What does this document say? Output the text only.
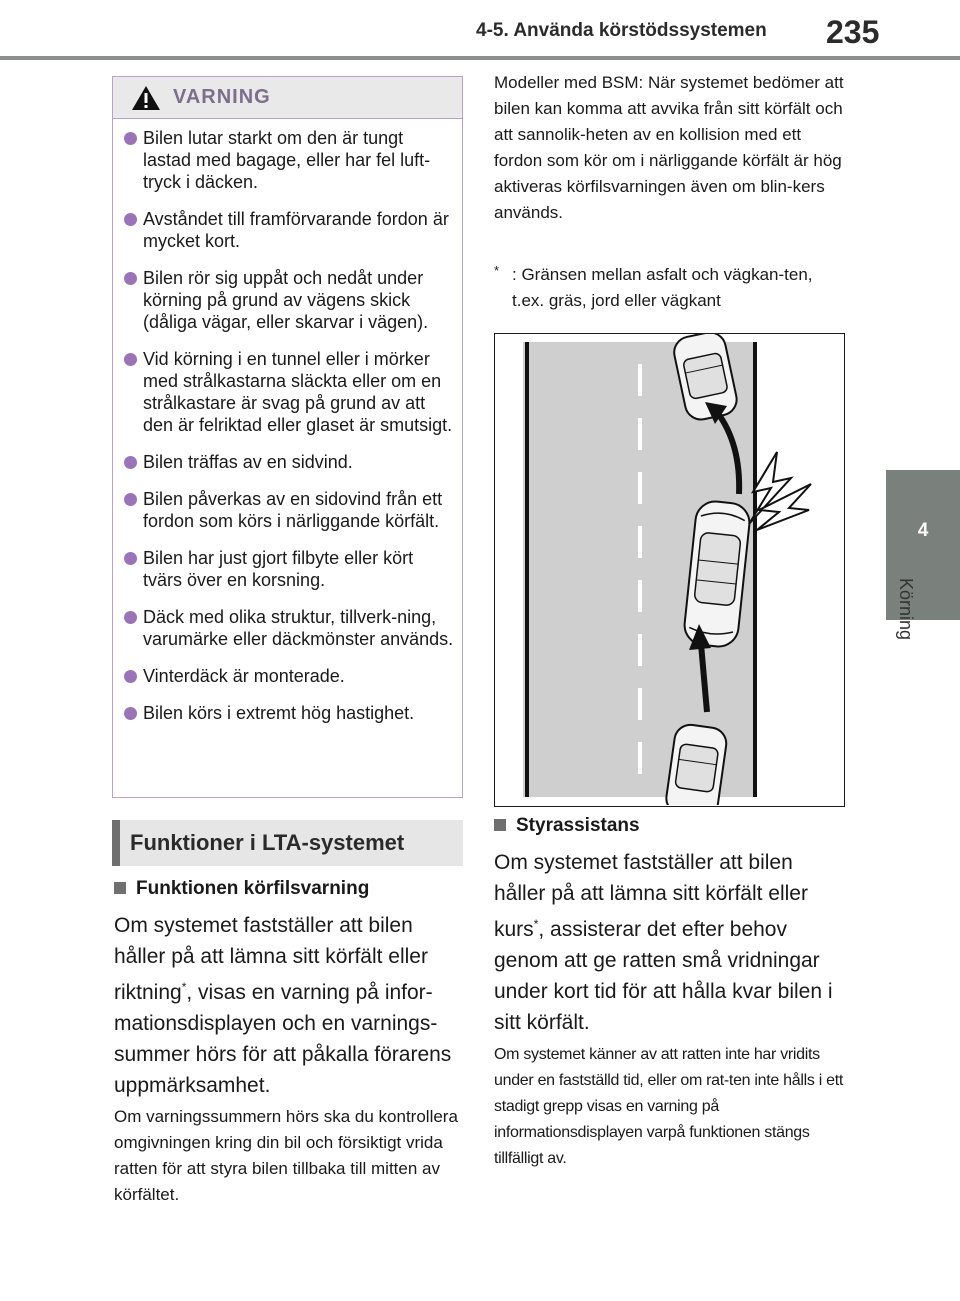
4-5. Använda körstödssystemen 235
4
Körning
VARNING
Bilen lutar starkt om den är tungt lastad med bagage, eller har fel luft-tryck i däcken.
Avståndet till framförvarande fordon är mycket kort.
Bilen rör sig uppåt och nedåt under körning på grund av vägens skick (dåliga vägar, eller skarvar i vägen).
Vid körning i en tunnel eller i mörker med strålkastarna släckta eller om en strålkastare är svag på grund av att den är felriktad eller glaset är smutsigt.
Bilen träffas av en sidvind.
Bilen påverkas av en sidovind från ett fordon som körs i närliggande körfält.
Bilen har just gjort filbyte eller kört tvärs över en korsning.
Däck med olika struktur, tillverk-ning, varumärke eller däckmönster används.
Vinterdäck är monterade.
Bilen körs i extremt hög hastighet.
Funktioner i LTA-systemet
Funktionen körfilsvarning
Om systemet fastställer att bilen håller på att lämna sitt körfält eller riktning*, visas en varning på infor-mationsdisplayen och en varnings-summer hörs för att påkalla förarens uppmärksamhet.
Om varningssummern hörs ska du kontrollera omgivningen kring din bil och försiktigt vrida ratten för att styra bilen tillbaka till mitten av körfältet.
Modeller med BSM: När systemet bedömer att bilen kan komma att avvika från sitt körfält och att sannolik-heten av en kollision med ett fordon som kör om i närliggande körfält är hög aktiveras körfilsvarningen även om blin-kers används.
* : Gränsen mellan asfalt och vägkan-ten, t.ex. gräs, jord eller vägkant
Styrassistans
Om systemet fastställer att bilen håller på att lämna sitt körfält eller kurs*, assisterar det efter behov genom att ge ratten små vridningar under kort tid för att hålla kvar bilen i sitt körfält.
Om systemet känner av att ratten inte har vridits under en fastställd tid, eller om rat-ten inte hålls i ett stadigt grepp visas en varning på informationsdisplayen varpå funktionen stängs tillfälligt av.
